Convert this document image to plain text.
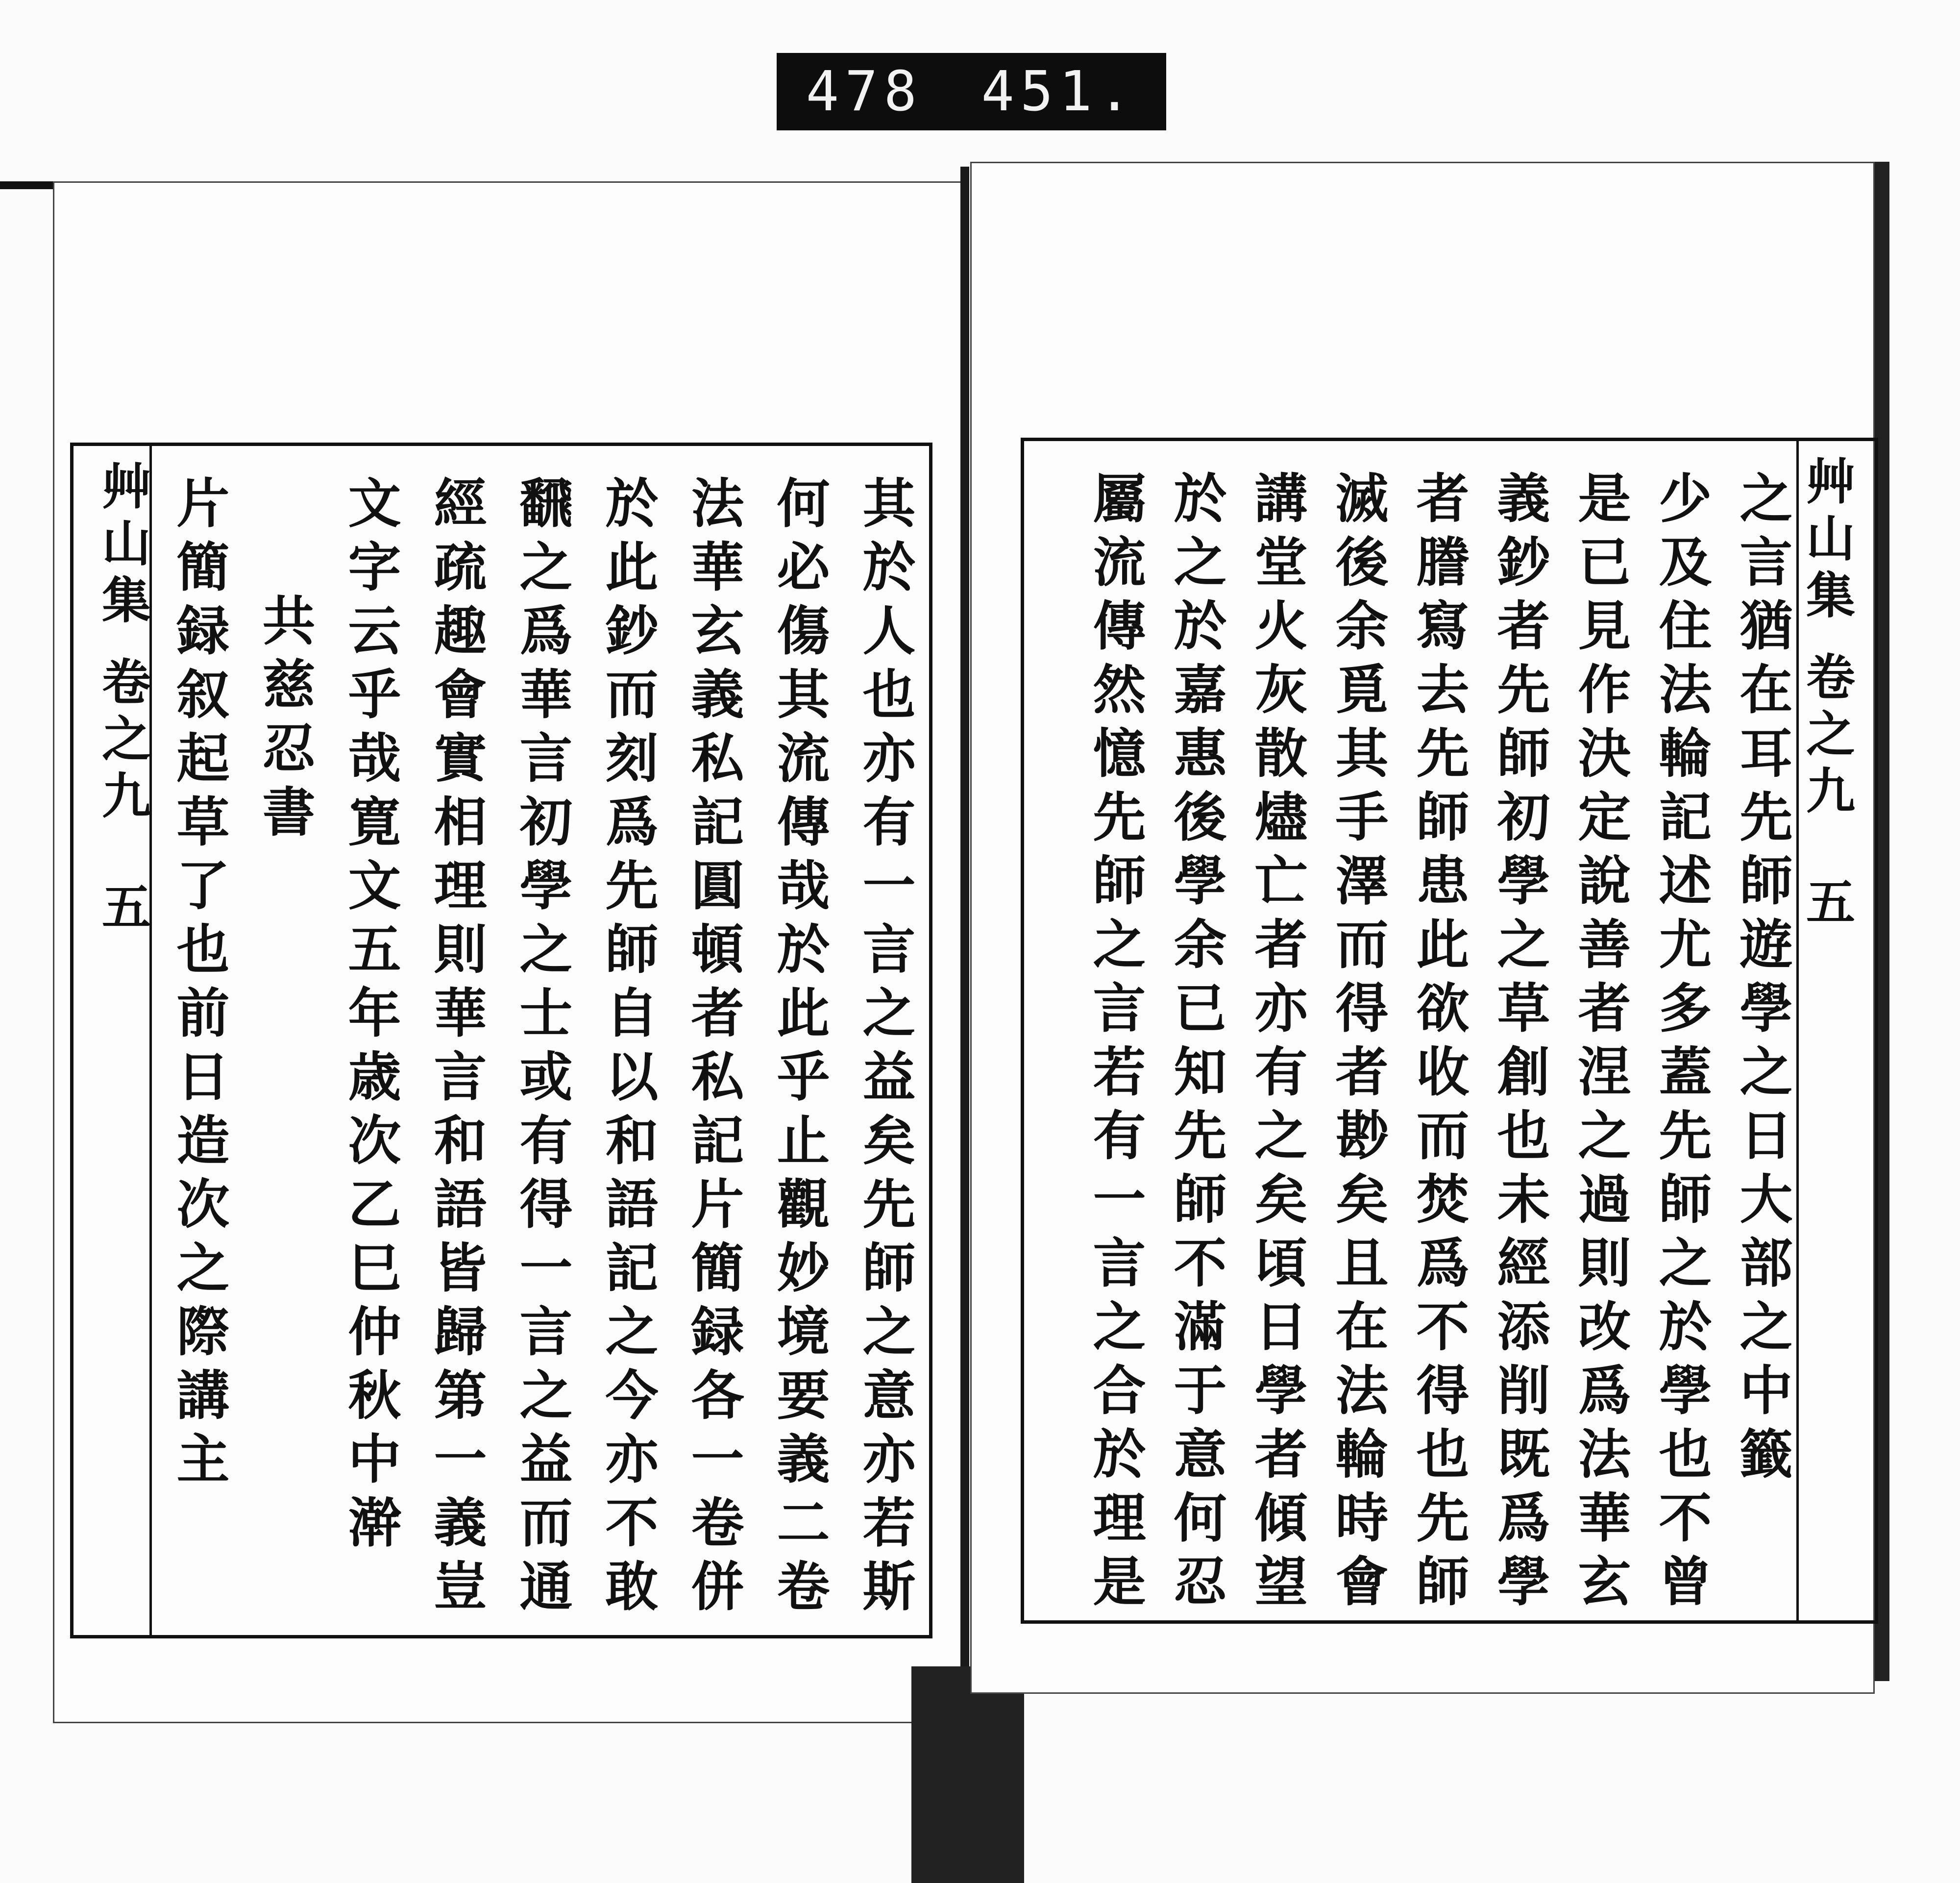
478 451.
艸山集 卷之九 五	其於人也亦有一言之益矣先師之意亦若斯
何必傷其流傳哉於此乎止觀妙境要義二卷
法華玄義私記圓頓者私記片簡録各一卷併
於此鈔而刻爲先師自以和語記之今亦不敢
飜之爲華言初學之士或有得一言之益而通
經疏趣會實相理則華言和語皆歸第一義豈
文字云乎哉寛文五年歳次乙巳仲秋中澣
共慈忍書
片簡録叙起草了也前日造次之際講主	艸山集 卷之九 五
之言猶在耳先師遊學之日大部之中籤
少及住法輪記述尤多蓋先師之於學也不曾
是已見作決定說善者涅之過則改爲法華玄
義鈔者先師初學之草創也未經添削既爲學
者謄寫去先師患此欲收而焚爲不得也先師
滅後余覓其手澤而得者尠矣且在法輪時會
講堂火灰散燼亡者亦有之矣頃日學者傾望
於之於嘉惠後學余已知先師不滿于意何忍
屬流傳然憶先師之言若有一言之合於理是
